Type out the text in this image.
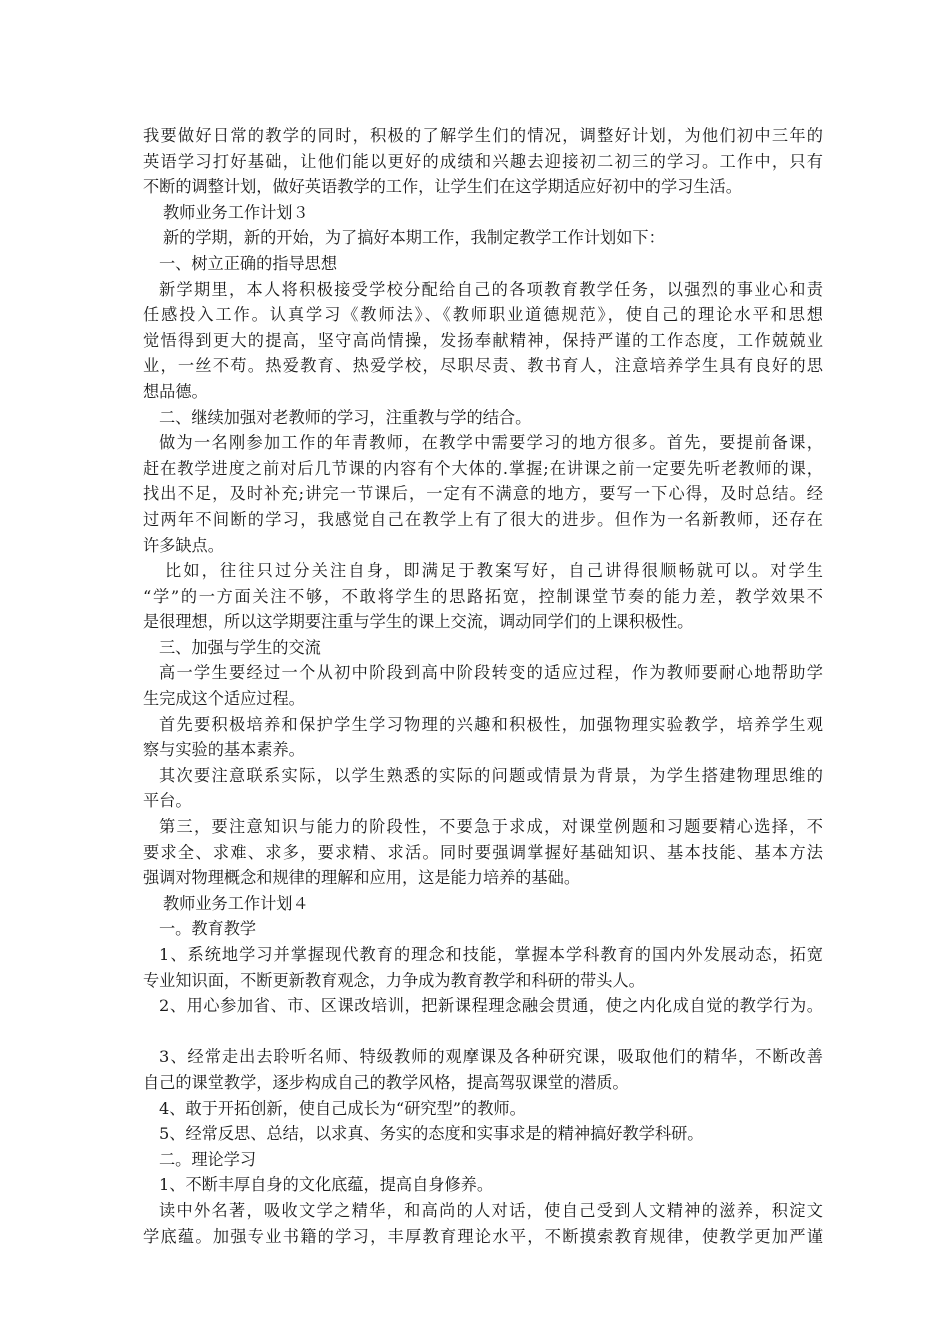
我要做好日常的教学的同时，积极的了解学生们的情况，调整好计划，为他们初中三年的
英语学习打好基础，让他们能以更好的成绩和兴趣去迎接初二初三的学习。工作中，只有
不断的调整计划，做好英语教学的工作，让学生们在这学期适应好初中的学习生活。
教师业务工作计划３
新的学期，新的开始，为了搞好本期工作，我制定教学工作计划如下：
一、树立正确的指导思想
新学期里，本人将积极接受学校分配给自己的各项教育教学任务，以强烈的事业心和责
任感投入工作。认真学习《教师法》、《教师职业道德规范》，使自己的理论水平和思想
觉悟得到更大的提高，坚守高尚情操，发扬奉献精神，保持严谨的工作态度，工作兢兢业
业，一丝不苟。热爱教育、热爱学校，尽职尽责、教书育人，注意培养学生具有良好的思
想品德。
二、继续加强对老教师的学习，注重教与学的结合。
做为一名刚参加工作的年青教师，在教学中需要学习的地方很多。首先，要提前备课，
赶在教学进度之前对后几节课的内容有个大体的.掌握;在讲课之前一定要先听老教师的课，
找出不足，及时补充;讲完一节课后，一定有不满意的地方，要写一下心得，及时总结。经
过两年不间断的学习，我感觉自己在教学上有了很大的进步。但作为一名新教师，还存在
许多缺点。
比如，往往只过分关注自身，即满足于教案写好，自己讲得很顺畅就可以。对学生
“学”的一方面关注不够，不敢将学生的思路拓宽，控制课堂节奏的能力差，教学效果不
是很理想，所以这学期要注重与学生的课上交流，调动同学们的上课积极性。
三、加强与学生的交流
高一学生要经过一个从初中阶段到高中阶段转变的适应过程，作为教师要耐心地帮助学
生完成这个适应过程。
首先要积极培养和保护学生学习物理的兴趣和积极性，加强物理实验教学，培养学生观
察与实验的基本素养。
其次要注意联系实际，以学生熟悉的实际的问题或情景为背景，为学生搭建物理思维的
平台。
第三，要注意知识与能力的阶段性，不要急于求成，对课堂例题和习题要精心选择，不
要求全、求难、求多，要求精、求活。同时要强调掌握好基础知识、基本技能、基本方法
强调对物理概念和规律的理解和应用，这是能力培养的基础。
教师业务工作计划４
一。教育教学
1、系统地学习并掌握现代教育的理念和技能，掌握本学科教育的国内外发展动态，拓宽
专业知识面，不断更新教育观念，力争成为教育教学和科研的带头人。
2、用心参加省、市、区课改培训，把新课程理念融会贯通，使之内化成自觉的教学行为。
3、经常走出去聆听名师、特级教师的观摩课及各种研究课，吸取他们的精华，不断改善
自己的课堂教学，逐步构成自己的教学风格，提高驾驭课堂的潜质。
4、敢于开拓创新，使自己成长为“研究型”的教师。
5、经常反思、总结，以求真、务实的态度和实事求是的精神搞好教学科研。
二。理论学习
1、不断丰厚自身的文化底蕴，提高自身修养。
读中外名著，吸收文学之精华，和高尚的人对话，使自己受到人文精神的滋养，积淀文
学底蕴。加强专业书籍的学习，丰厚教育理论水平，不断摸索教育规律，使教学更加严谨
